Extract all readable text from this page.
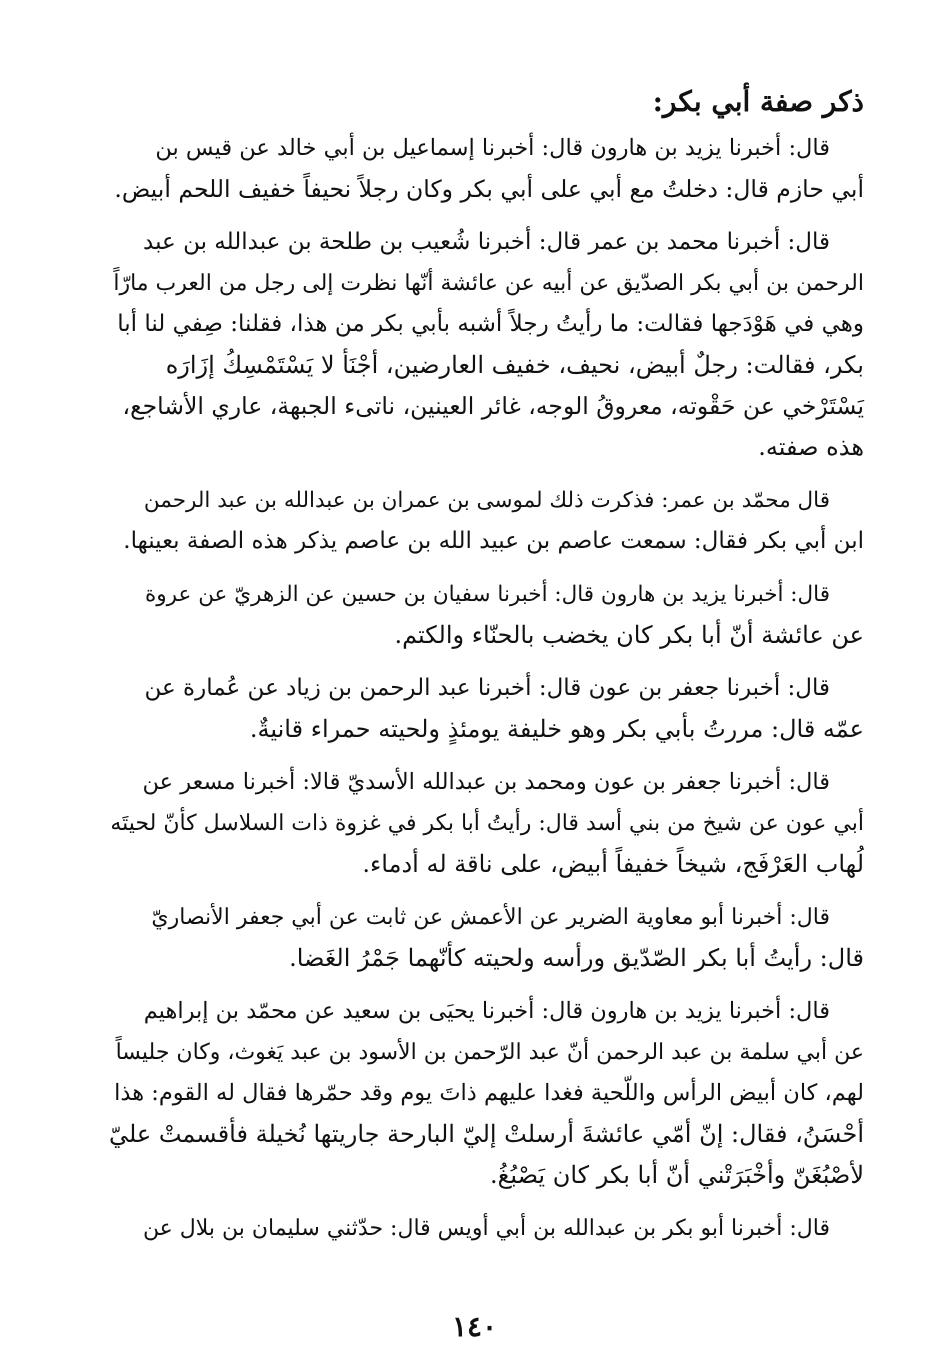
ذكر صفة أبي بكر:
قال: أخبرنا يزيد بن هارون قال: أخبرنا إسماعيل بن أبي خالد عن قيس بن
أبي حازم قال: دخلتُ مع أبي على أبي بكر وكان رجلاً نحيفاً خفيف اللحم أبيض.
قال: أخبرنا محمد بن عمر قال: أخبرنا شُعيب بن طلحة بن عبدالله بن عبد
الرحمن بن أبي بكر الصدّيق عن أبيه عن عائشة أنّها نظرت إلى رجل من العرب مارّاً
وهي في هَوْدَجها فقالت: ما رأيتُ رجلاً أشبه بأبي بكر من هذا، فقلنا: صِفي لنا أبا
بكر، فقالت: رجلٌ أبيض، نحيف، خفيف العارضين، أجْنَأ لا يَسْتَمْسِكُ إزَارَه
يَسْتَرْخي عن حَقْوته، معروقُ الوجه، غائر العينين، ناتىء الجبهة، عاري الأشاجع،
هذه صفته.
قال محمّد بن عمر: فذكرت ذلك لموسى بن عمران بن عبدالله بن عبد الرحمن
ابن أبي بكر فقال: سمعت عاصم بن عبيد الله بن عاصم يذكر هذه الصفة بعينها.
قال: أخبرنا يزيد بن هارون قال: أخبرنا سفيان بن حسين عن الزهريّ عن عروة
عن عائشة أنّ أبا بكر كان يخضب بالحنّاء والكتم.
قال: أخبرنا جعفر بن عون قال: أخبرنا عبد الرحمن بن زياد عن عُمارة عن
عمّه قال: مررتُ بأبي بكر وهو خليفة يومئذٍ ولحيته حمراء قانيةٌ.
قال: أخبرنا جعفر بن عون ومحمد بن عبدالله الأسديّ قالا: أخبرنا مسعر عن
أبي عون عن شيخ من بني أسد قال: رأيتُ أبا بكر في غزوة ذات السلاسل كأنّ لحيتَه
لُهاب العَرْفَج، شيخاً خفيفاً أبيض، على ناقة له أدماء.
قال: أخبرنا أبو معاوية الضرير عن الأعمش عن ثابت عن أبي جعفر الأنصاريّ
قال: رأيتُ أبا بكر الصّدّيق ورأسه ولحيته كأنّهما جَمْرُ الغَضا.
قال: أخبرنا يزيد بن هارون قال: أخبرنا يحيَى بن سعيد عن محمّد بن إبراهيم
عن أبي سلمة بن عبد الرحمن أنّ عبد الرّحمن بن الأسود بن عبد يَغوث، وكان جليساً
لهم، كان أبيض الرأس واللّحية فغدا عليهم ذاتَ يوم وقد حمّرها فقال له القوم: هذا
أحْسَنُ، فقال: إنّ أمّي عائشةَ أرسلتْ إليّ البارحة جاريتها نُخيلة فأقسمتْ عليّ
لأصْبُغَنّ وأخْبَرَتْني أنّ أبا بكر كان يَصْبُغُ.
قال: أخبرنا أبو بكر بن عبدالله بن أبي أويس قال: حدّثني سليمان بن بلال عن
١٤٠
